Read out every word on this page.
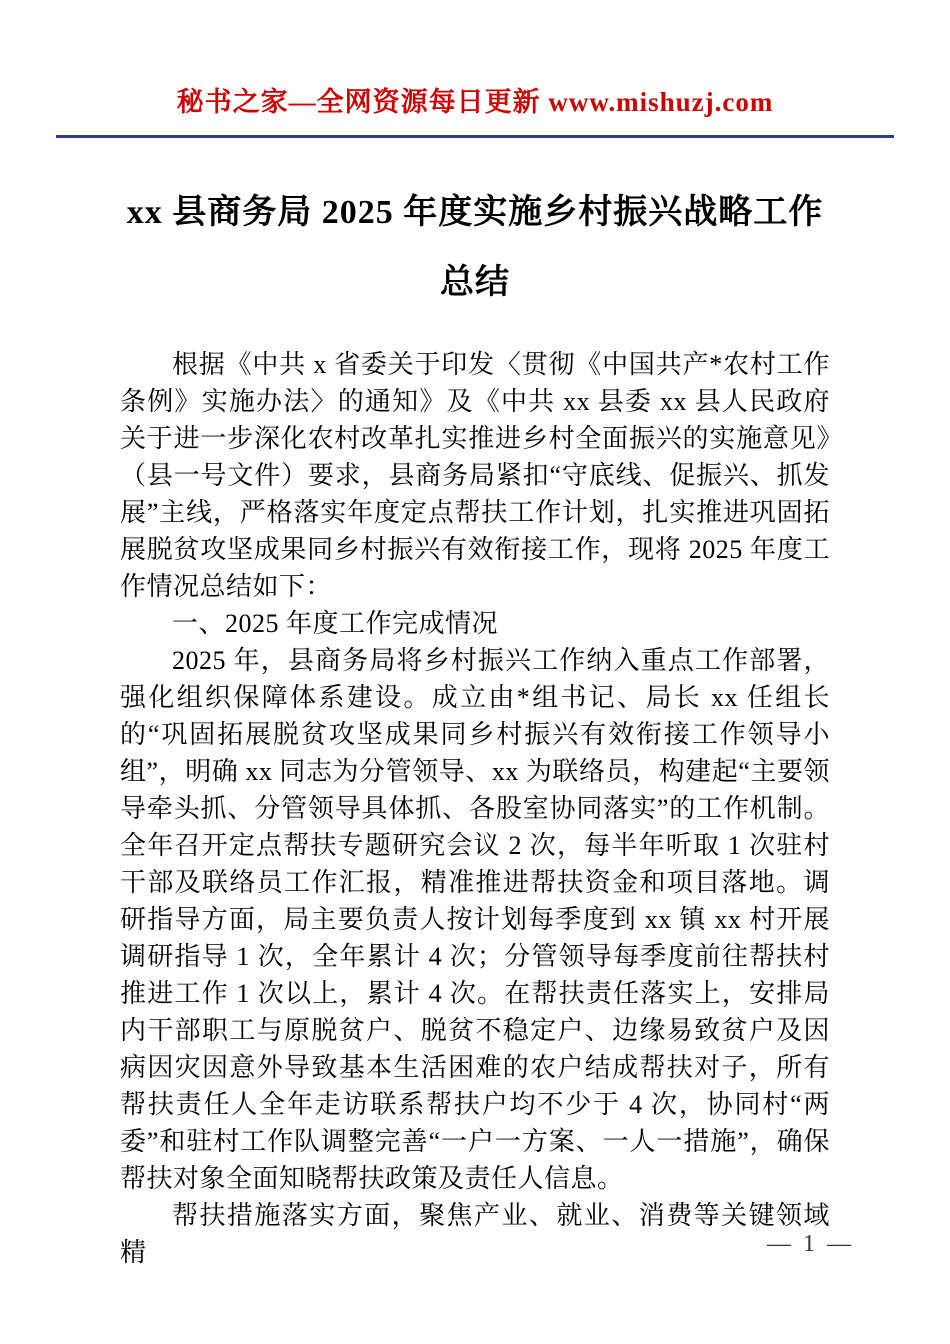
秘书之家—全网资源每日更新 www.mishuzj.com
xx 县商务局 2025 年度实施乡村振兴战略工作总结

根据《中共 x 省委关于印发〈贯彻《中国共产*农村工作条例》实施办法〉的通知》及《中共 xx 县委 xx 县人民政府关于进一步深化农村改革扎实推进乡村全面振兴的实施意见》（县一号文件）要求，县商务局紧扣“守底线、促振兴、抓发展”主线，严格落实年度定点帮扶工作计划，扎实推进巩固拓展脱贫攻坚成果同乡村振兴有效衔接工作，现将 2025 年度工作情况总结如下：

一、2025 年度工作完成情况

2025 年，县商务局将乡村振兴工作纳入重点工作部署，强化组织保障体系建设。成立由*组书记、局长 xx 任组长的“巩固拓展脱贫攻坚成果同乡村振兴有效衔接工作领导小组”，明确 xx 同志为分管领导、xx 为联络员，构建起“主要领导牵头抓、分管领导具体抓、各股室协同落实”的工作机制。全年召开定点帮扶专题研究会议 2 次，每半年听取 1 次驻村干部及联络员工作汇报，精准推进帮扶资金和项目落地。调研指导方面，局主要负责人按计划每季度到 xx 镇 xx 村开展调研指导 1 次，全年累计 4 次；分管领导每季度前往帮扶村推进工作 1 次以上，累计 4 次。在帮扶责任落实上，安排局内干部职工与原脱贫户、脱贫不稳定户、边缘易致贫户及因病因灾因意外导致基本生活困难的农户结成帮扶对子，所有帮扶责任人全年走访联系帮扶户均不少于 4 次，协同村“两委”和驻村工作队调整完善“一户一方案、一人一措施”，确保帮扶对象全面知晓帮扶政策及责任人信息。

帮扶措施落实方面，聚焦产业、就业、消费等关键领域精	— 1 —
